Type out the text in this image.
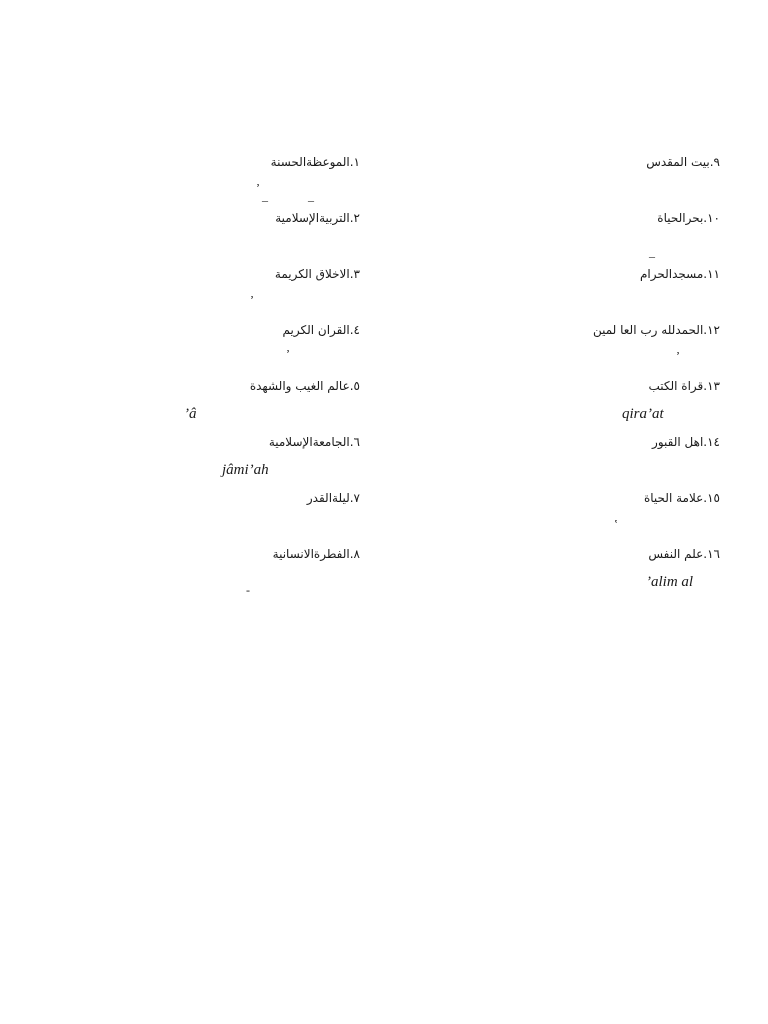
١.الموعظةالحسنة
٢.التربيةالإسلامية
٣.الاخلاق الكريمة
٤.القران الكريم
٥.عالم الغيب والشهدة
٦.الجامعةالإسلامية
٧.ليلةالقدر
٨.الفطرةالانسانية
٩.بيت المقدس
١٠.بحرالحياة
١١.مسجدالحرام
١٢.الحمدلله رب العا لمين
١٣.قراة الكتب
١٤.اهل القبور
١٥.علامة الحياة
١٦.علم النفس
’â
jâmi’ah
qira’at
’alim al
ʼ
_	_
_
ʼ
ʼ	ʼ
ʽ
-
